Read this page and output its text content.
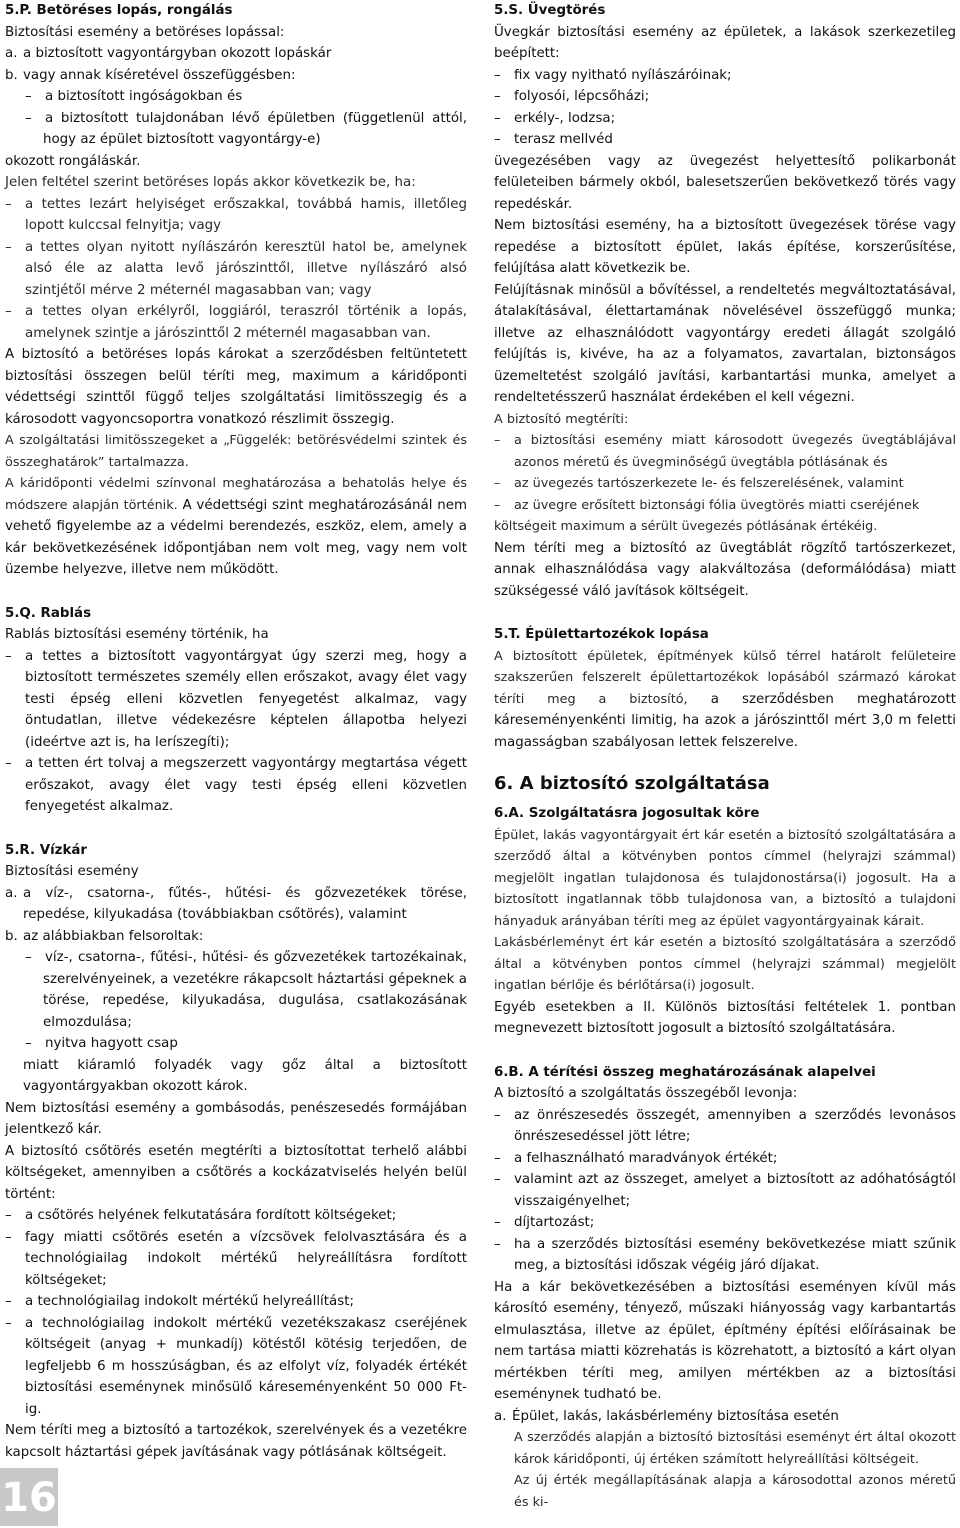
5.P. Betöréses lopás, rongálás

Biztosítási esemény a betöréses lopással:

a. a biztosított vagyontárgyban okozott lopáskár

b. vagy annak kíséretével összefüggésben:

– a biztosított ingóságokban és

– a biztosított tulajdonában lévő épületben (függetlenül attól, hogy az épület biztosított vagyontárgy-e)

okozott rongáláskár.

Jelen feltétel szerint betöréses lopás akkor következik be, ha:

– a tettes lezárt helyiséget erőszakkal, továbbá hamis, illetőleg lopott kulccsal felnyitja; vagy

– a tettes olyan nyitott nyílászárón keresztül hatol be, amelynek alsó éle az alatta levő járószinttől, illetve nyílászáró alsó szintjétől mérve 2 méternél magasabban van; vagy

– a tettes olyan erkélyről, loggiáról, teraszról történik a lopás, amelynek szintje a járószinttől 2 méternél magasabban van.

A biztosító a betöréses lopás károkat a szerződésben feltüntetett biztosítási összegen belül téríti meg, maximum a káridőponti védettségi szinttől függő teljes szolgáltatási limitösszegig és a károsodott vagyoncsoportra vonatkozó részlimit összegig.

A szolgáltatási limitösszegeket a „Függelék: betörésvédelmi szintek és összeghatárok” tartalmazza.

A káridőponti védelmi színvonal meghatározása a behatolás helye és módszere alapján történik. A védettségi szint meghatározásánál nem vehető figyelembe az a védelmi berendezés, eszköz, elem, amely a kár bekövetkezésének időpontjában nem volt meg, vagy nem volt üzembe helyezve, illetve nem működött.

5.Q. Rablás

Rablás biztosítási esemény történik, ha

– a tettes a biztosított vagyontárgyat úgy szerzi meg, hogy a biztosított természetes személy ellen erőszakot, avagy élet vagy testi épség elleni közvetlen fenyegetést alkalmaz, vagy öntudatlan, illetve védekezésre képtelen állapotba helyezi (ideértve azt is, ha leríszegíti);

– a tetten ért tolvaj a megszerzett vagyontárgy megtartása végett erőszakot, avagy élet vagy testi épség elleni közvetlen fenyegetést alkalmaz.

5.R. Vízkár

Biztosítási esemény

a. a víz-, csatorna-, fűtés-, hűtési- és gőzvezetékek törése, repedése, kilyukadása (továbbiakban csőtörés), valamint

b. az alábbiakban felsoroltak:

– víz-, csatorna-, fűtési-, hűtési- és gőzvezetékek tartozékainak, szerelvényeinek, a vezetékre rákapcsolt háztartási gépeknek a törése, repedése, kilyukadása, dugulása, csatlakozásának elmozdulása;

– nyitva hagyott csap

miatt kiáramló folyadék vagy gőz által a biztosított vagyontárgyakban okozott károk.

Nem biztosítási esemény a gombásodás, penészesedés formájában jelentkező kár.

A biztosító csőtörés esetén megtéríti a biztosítottat terhelő alábbi költségeket, amennyiben a csőtörés a kockázatviselés helyén belül történt:

– a csőtörés helyének felkutatására fordított költségeket;

– fagy miatti csőtörés esetén a vízcsövek felolvasztására és a technológiailag indokolt mértékű helyreállításra fordított költségeket;

– a technológiailag indokolt mértékű helyreállítást;

– a technológiailag indokolt mértékű vezetékszakasz cseréjének költségeit (anyag + munkadíj) kötéstől kötésig terjedően, de legfeljebb 6 m hosszúságban, és az elfolyt víz, folyadék értékét biztosítási eseménynek minősülő káreseményenként 50 000 Ft-ig.

Nem téríti meg a biztosító a tartozékok, szerelvények és a vezetékre kapcsolt háztartási gépek javításának vagy pótlásának költségeit.

5.S. Üvegtörés

Üvegkár biztosítási esemény az épületek, a lakások szerkezetileg beépített:

– fix vagy nyitható nyílászáróinak;

– folyosói, lépcsőházi;

– erkély-, lodzsa;

– terasz mellvéd

üvegezésében vagy az üvegezést helyettesítő polikarbonát felületeiben bármely okból, balesetszerűen bekövetkező törés vagy repedéskár.

Nem biztosítási esemény, ha a biztosított üvegezések törése vagy repedése a biztosított épület, lakás építése, korszerűsítése, felújítása alatt következik be.

Felújításnak minősül a bővítéssel, a rendeltetés megváltoztatásával, átalakításával, élettartamának növelésével összefüggő munka; illetve az elhasználódott vagyontárgy eredeti állagát szolgáló felújítás is, kivéve, ha az a folyamatos, zavartalan, biztonságos üzemeltetést szolgáló javítási, karbantartási munka, amelyet a rendeltetésszerű használat érdekében el kell végezni.

A biztosító megtéríti:

– a biztosítási esemény miatt károsodott üvegezés üvegtáblájával azonos méretű és üvegminőségű üvegtábla pótlásának és

– az üvegezés tartószerkezete le- és felszerelésének, valamint

– az üvegre erősített biztonsági fólia üvegtörés miatti cseréjének

költségeit maximum a sérült üvegezés pótlásának értékéig.

Nem téríti meg a biztosító az üvegtáblát rögzítő tartószerkezet, annak elhasználódása vagy alakváltozása (deformálódása) miatt szükségessé váló javítások költségeit.

5.T. Épülettartozékok lopása

A biztosított épületek, építmények külső térrel határolt felületeire szakszerűen felszerelt épülettartozékok lopásából származó károkat téríti meg a biztosító, a szerződésben meghatározott káreseményenkénti limitig, ha azok a járószinttől mért 3,0 m feletti magasságban szabályosan lettek felszerelve.

6. A biztosító szolgáltatása

6.A. Szolgáltatásra jogosultak köre

Épület, lakás vagyontárgyait ért kár esetén a biztosító szolgáltatására a szerződő által a kötvényben pontos címmel (helyrajzi számmal) megjelölt ingatlan tulajdonosa és tulajdonostársa(i) jogosult. Ha a biztosított ingatlannak több tulajdonosa van, a biztosító a tulajdoni hányaduk arányában téríti meg az épület vagyontárgyainak kárait.

Lakásbérleményt ért kár esetén a biztosító szolgáltatására a szerződő által a kötvényben pontos címmel (helyrajzi számmal) megjelölt ingatlan bérlője és bérlőtársa(i) jogosult.

Egyéb esetekben a II. Különös biztosítási feltételek 1. pontban megnevezett biztosított jogosult a biztosító szolgáltatására.

6.B. A térítési összeg meghatározásának alapelvei

A biztosító a szolgáltatás összegéből levonja:

– az önrészesedés összegét, amennyiben a szerződés levonásos önrészesedéssel jött létre;

– a felhasználható maradványok értékét;

– valamint azt az összeget, amelyet a biztosított az adóhatóságtól visszaigényelhet;

– díjtartozást;

– ha a szerződés biztosítási esemény bekövetkezése miatt szűnik meg, a biztosítási időszak végéig járó díjakat.

Ha a kár bekövetkezésében a biztosítási eseményen kívül más károsító esemény, tényező, műszaki hiányosság vagy karbantartás elmulasztása, illetve az épület, építmény építési előírásainak be nem tartása miatti közrehatás is közrehatott, a biztosító a kárt olyan mértékben téríti meg, amilyen mértékben az a biztosítási eseménynek tudható be.

a. Épület, lakás, lakásbérlemény biztosítása esetén

A szerződés alapján a biztosító biztosítási eseményt ért által okozott károk káridőponti, új értéken számított helyreállítási költségeit.

Az új érték megállapításának alapja a károsodottal azonos méretű és ki-

16
